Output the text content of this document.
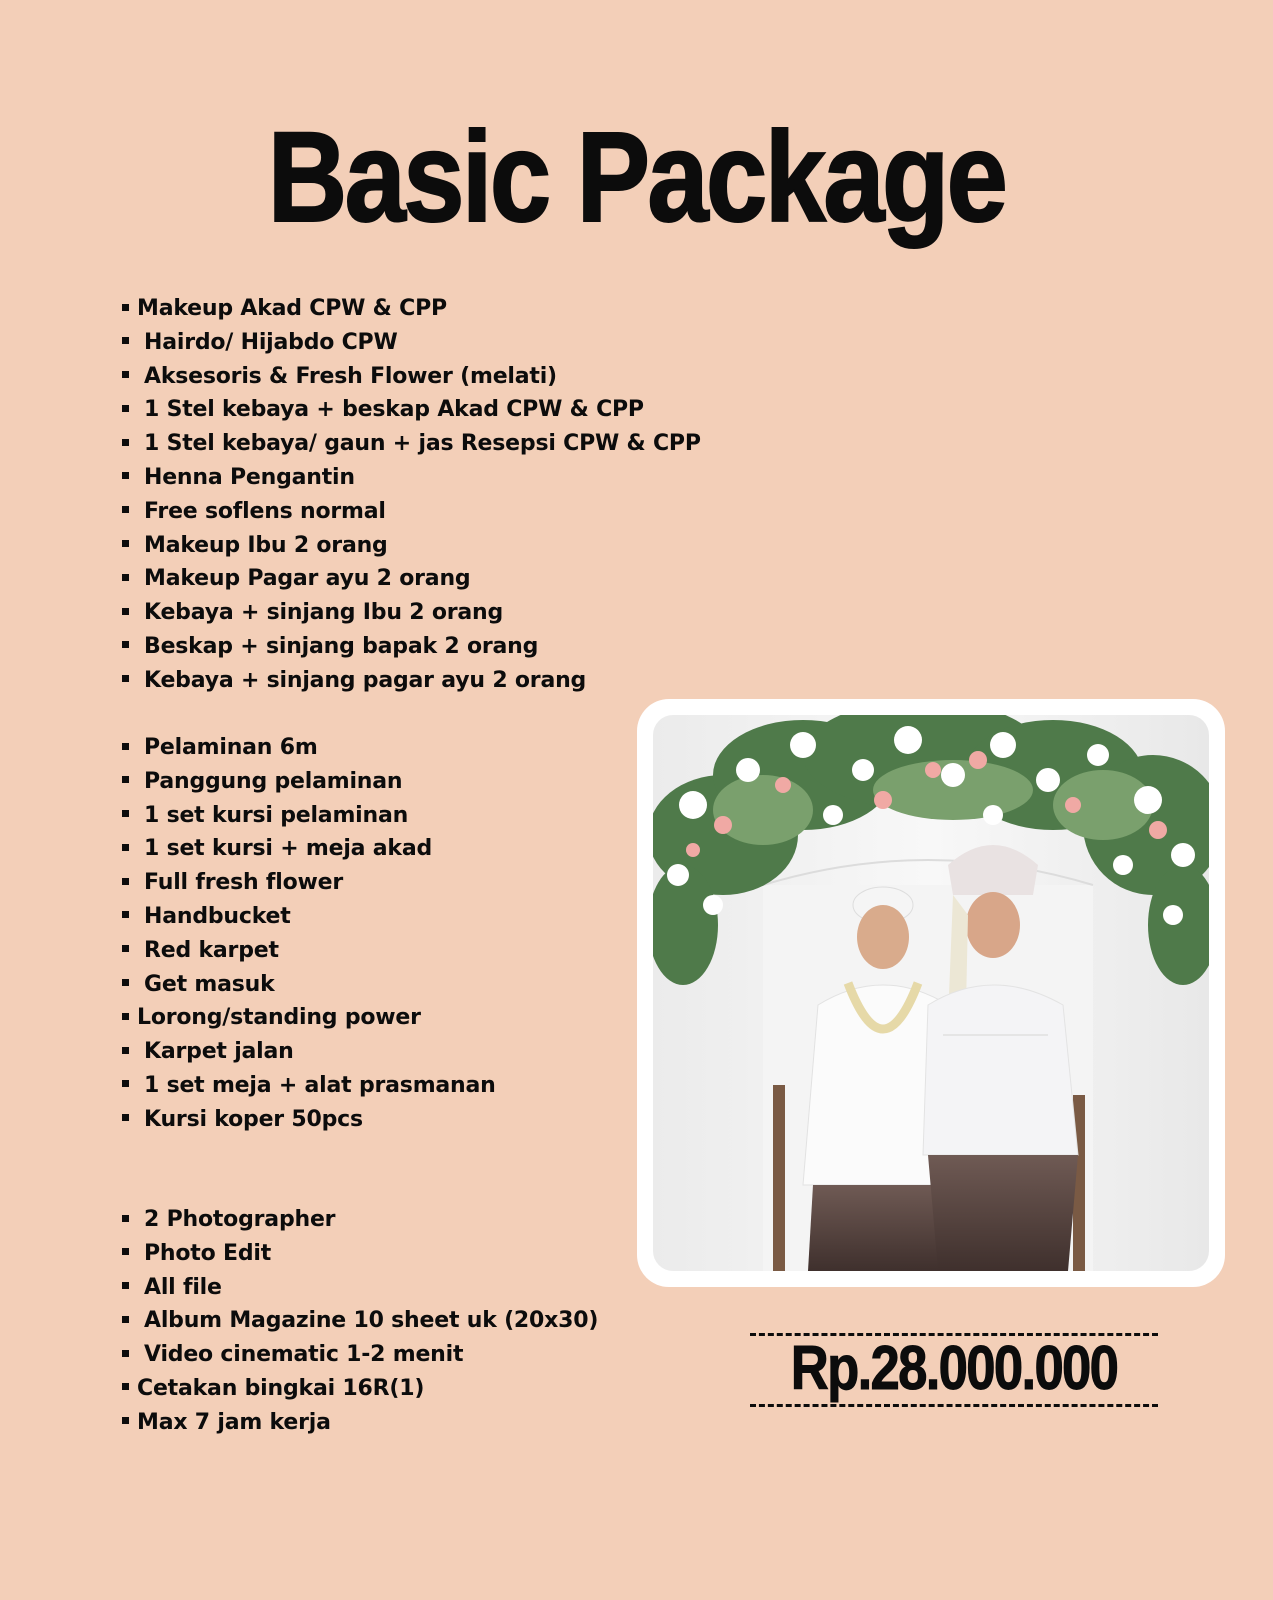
Basic Package
Makeup Akad CPW & CPP
Hairdo/ Hijabdo CPW
Aksesoris & Fresh Flower (melati)
1 Stel kebaya + beskap Akad CPW & CPP
1 Stel kebaya/ gaun + jas Resepsi CPW & CPP
Henna Pengantin
Free soflens normal
Makeup Ibu 2 orang
Makeup Pagar ayu 2 orang
Kebaya + sinjang Ibu 2 orang
Beskap + sinjang bapak 2 orang
Kebaya + sinjang pagar ayu 2 orang
Pelaminan 6m
Panggung pelaminan
1 set kursi pelaminan
1 set kursi + meja akad
Full fresh flower
Handbucket
Red karpet
Get masuk
Lorong/standing power
Karpet jalan
1 set meja + alat prasmanan
Kursi koper 50pcs
2 Photographer
Photo Edit
All file
Album Magazine 10 sheet uk (20x30)
Video cinematic 1-2 menit
Cetakan bingkai 16R(1)
Max 7 jam kerja
Rp.28.000.000
